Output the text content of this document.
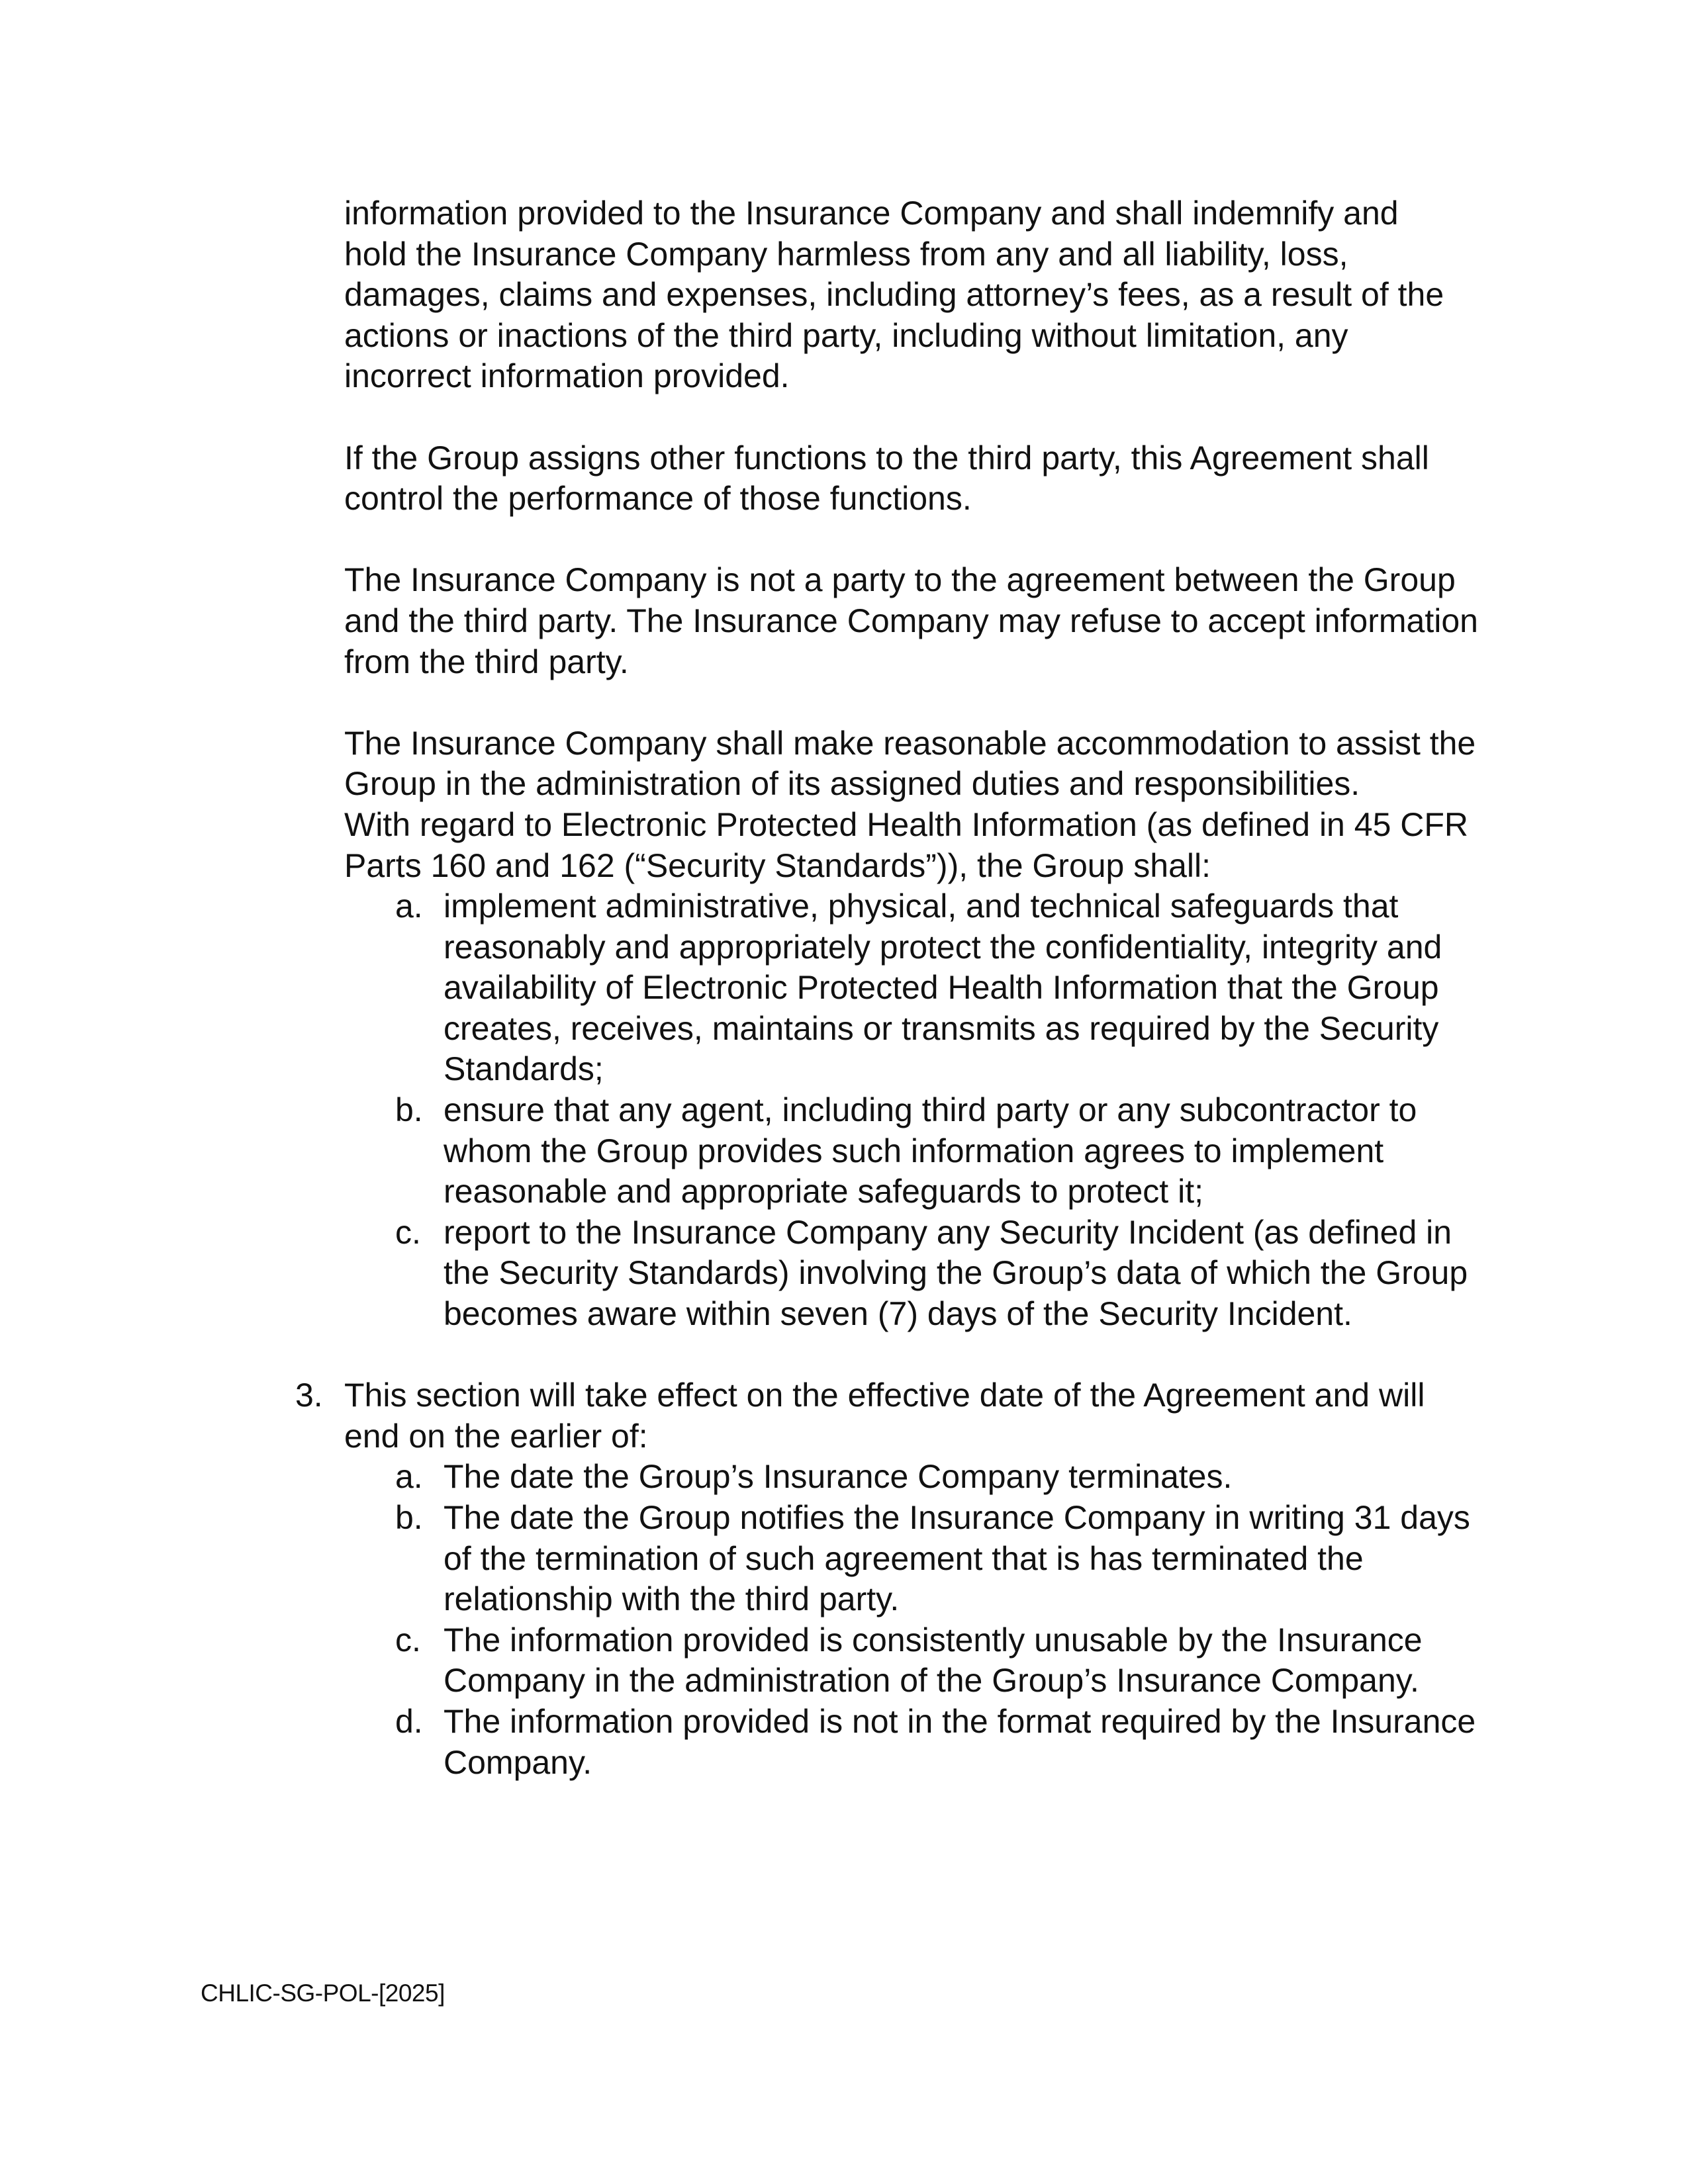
information provided to the Insurance Company and shall indemnify and
hold the Insurance Company harmless from any and all liability, loss,
damages, claims and expenses, including attorney’s fees, as a result of the
actions or inactions of the third party, including without limitation, any
incorrect information provided.
If the Group assigns other functions to the third party, this Agreement shall
control the performance of those functions.
The Insurance Company is not a party to the agreement between the Group
and the third party. The Insurance Company may refuse to accept information
from the third party.
The Insurance Company shall make reasonable accommodation to assist the
Group in the administration of its assigned duties and responsibilities.
With regard to Electronic Protected Health Information (as defined in 45 CFR
Parts 160 and 162 (“Security Standards”)), the Group shall:
a. implement administrative, physical, and technical safeguards that
reasonably and appropriately protect the confidentiality, integrity and
availability of Electronic Protected Health Information that the Group
creates, receives, maintains or transmits as required by the Security
Standards;
b. ensure that any agent, including third party or any subcontractor to
whom the Group provides such information agrees to implement
reasonable and appropriate safeguards to protect it;
c. report to the Insurance Company any Security Incident (as defined in
the Security Standards) involving the Group’s data of which the Group
becomes aware within seven (7) days of the Security Incident.
3. This section will take effect on the effective date of the Agreement and will
end on the earlier of:
a. The date the Group’s Insurance Company terminates.
b. The date the Group notifies the Insurance Company in writing 31 days
of the termination of such agreement that is has terminated the
relationship with the third party.
c. The information provided is consistently unusable by the Insurance
Company in the administration of the Group’s Insurance Company.
d. The information provided is not in the format required by the Insurance
Company.
CHLIC-SG-POL-[2025]
